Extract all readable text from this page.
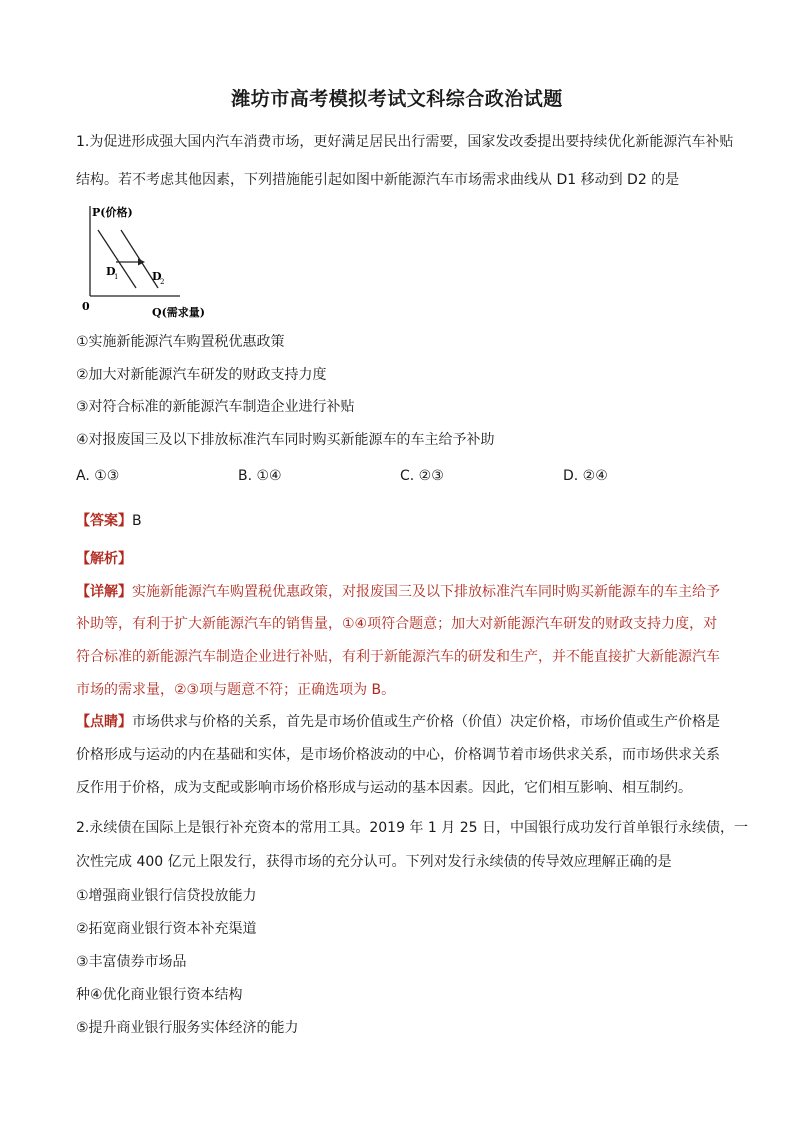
潍坊市高考模拟考试文科综合政治试题
1.为促进形成强大国内汽车消费市场，更好满足居民出行需要，国家发改委提出要持续优化新能源汽车补贴
结构。若不考虑其他因素，下列措施能引起如图中新能源汽车市场需求曲线从 D1 移动到 D2 的是
P(价格)
Q(需求量)
0
D
1	D
2
①实施新能源汽车购置税优惠政策
②加大对新能源汽车研发的财政支持力度
③对符合标准的新能源汽车制造企业进行补贴
④对报废国三及以下排放标准汽车同时购买新能源车的车主给予补助
A. ①③	B. ①④	C. ②③	D. ②④
【答案】B
【解析】
【详解】实施新能源汽车购置税优惠政策，对报废国三及以下排放标准汽车同时购买新能源车的车主给予
补助等，有利于扩大新能源汽车的销售量，①④项符合题意；加大对新能源汽车研发的财政支持力度，对
符合标准的新能源汽车制造企业进行补贴，有利于新能源汽车的研发和生产，并不能直接扩大新能源汽车
市场的需求量，②③项与题意不符；正确选项为 B。
【点睛】市场供求与价格的关系，首先是市场价值或生产价格（价值）决定价格，市场价值或生产价格是
价格形成与运动的内在基础和实体，是市场价格波动的中心，价格调节着市场供求关系，而市场供求关系
反作用于价格，成为支配或影响市场价格形成与运动的基本因素。因此，它们相互影响、相互制约。
2.永续债在国际上是银行补充资本的常用工具。2019 年 1 月 25 日，中国银行成功发行首单银行永续债，一
次性完成 400 亿元上限发行，获得市场的充分认可。下列对发行永续债的传导效应理解正确的是
①增强商业银行信贷投放能力
②拓宽商业银行资本补充渠道
③丰富债券市场品
种④优化商业银行资本结构
⑤提升商业银行服务实体经济的能力
